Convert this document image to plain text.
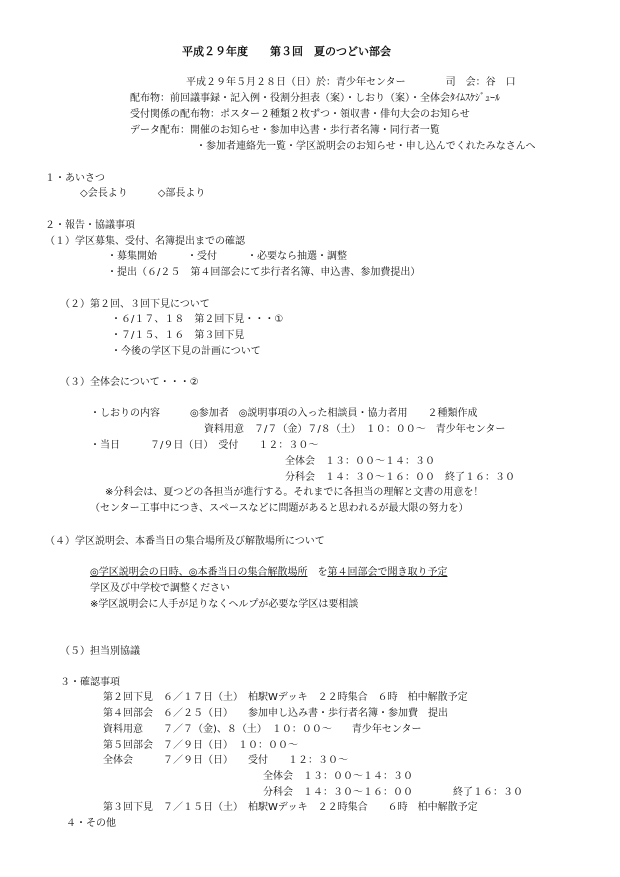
平成２９年度　　第３回　夏のつどい部会
平成２９年５月２８日（日）於：青少年センター　　　　司　会：谷　口
配布物：前回議事録・記入例・役割分担表（案）・しおり（案）・全体会ﾀｲﾑｽｹｼﾞｭｰﾙ
受付関係の配布物：ポスター２種類２枚ずつ・領収書・俳句大会のお知らせ
データ配布：開催のお知らせ・参加申込書・歩行者名簿・同行者一覧
・参加者連絡先一覧・学区説明会のお知らせ・申し込んでくれたみなさんへ
１・あいさつ
◇会長より　　　◇部長より
２・報告・協議事項
（１）学区募集、受付、名簿提出までの確認
・募集開始　　　・受付　　　・必要なら抽選・調整
・提出（６/２５　第４回部会にて歩行者名簿、申込書、参加費提出）
（２）第２回、３回下見について
・６/１７、１８　第２回下見・・・①
・７/１５、１６　第３回下見
・今後の学区下見の計画について
（３）全体会について・・・②
・しおりの内容　　　◎参加者　◎説明事項の入った相談員・協力者用　　２種類作成
資料用意　７/７（金）７/８（土）　１０：００～　青少年センター
・当日　　　７/９日（日）　受付　　１２：３０～
全体会　１３：００～１４：３０
分科会　１４：３０～１６：００　終了１６：３０
※分科会は、夏つどの各担当が進行する。それまでに各担当の理解と文書の用意を！
（センター工事中につき、スペースなどに問題があると思われるが最大限の努力を）
（４）学区説明会、本番当日の集合場所及び解散場所について
◎学区説明会の日時、◎本番当日の集合解散場所　を第４回部会で聞き取り予定
学区及び中学校で調整ください
※学区説明会に人手が足りなくヘルプが必要な学区は要相談
（５）担当別協議
３・確認事項
第２回下見　６／１７日（土）　柏駅Wデッキ　２２時集合　６時　柏中解散予定
第４回部会　６／２５（日）　　参加申し込み書・歩行者名簿・参加費　提出
資料用意　　７／７（金)、８（土）　１０：００～　　青少年センター
第５回部会　７／９日（日）　１０：００～
全体会　　　７／９日（日）　　受付　　１２：３０～
全体会　１３：００～１４：３０
分科会　１４：３０～１６：００　　　　終了１６：３０
第３回下見　７／１５日（土）　柏駅Wデッキ　２２時集合　　６時　柏中解散予定
４・その他
